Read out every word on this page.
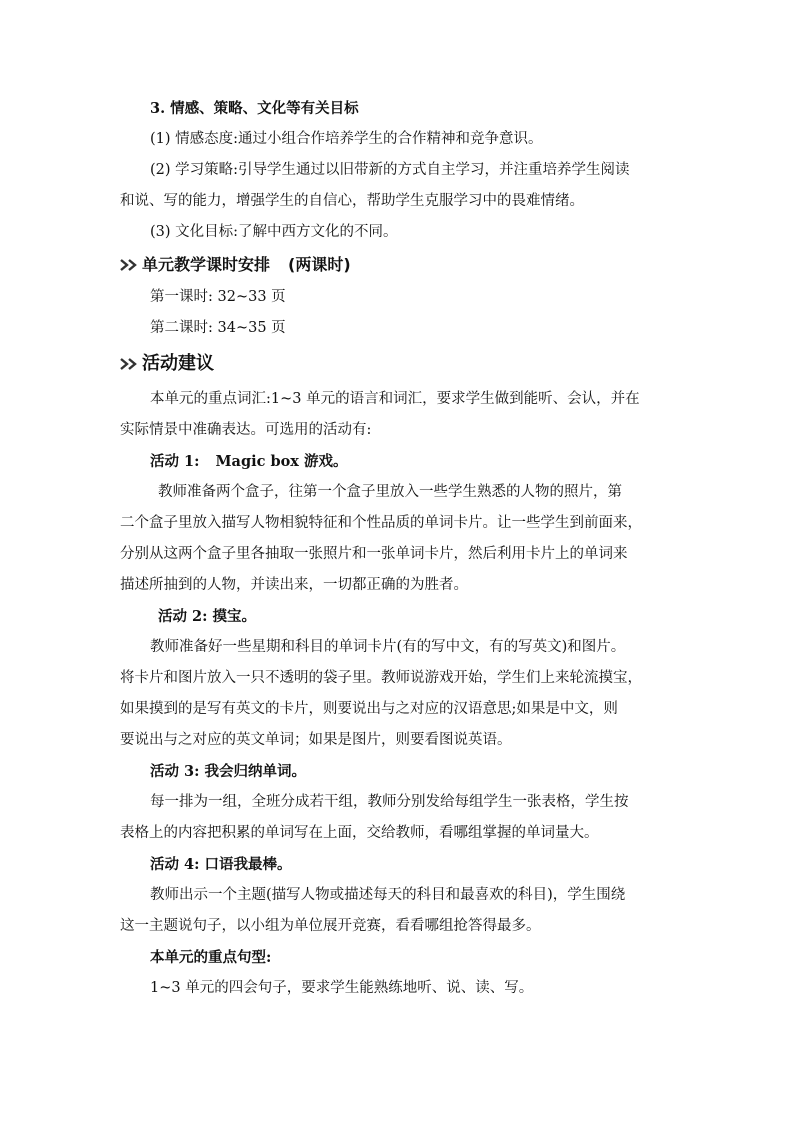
3. 情感、策略、文化等有关目标
(1) 情感态度:通过小组合作培养学生的合作精神和竞争意识。
(2) 学习策略:引导学生通过以旧带新的方式自主学习，并注重培养学生阅读
和说、写的能力，增强学生的自信心，帮助学生克服学习中的畏难情绪。
(3) 文化目标:了解中西方文化的不同。
单元教学课时安排 (两课时)
第一课时: 32~33 页
第二课时: 34~35 页
活动建议
本单元的重点词汇:1~3 单元的语言和词汇，要求学生做到能听、会认，并在
实际情景中准确表达。可选用的活动有:
活动 1: Magic box 游戏。
教师准备两个盒子，往第一个盒子里放入一些学生熟悉的人物的照片，第
二个盒子里放入描写人物相貌特征和个性品质的单词卡片。让一些学生到前面来，
分别从这两个盒子里各抽取一张照片和一张单词卡片，然后利用卡片上的单词来
描述所抽到的人物，并读出来，一切都正确的为胜者。
活动 2: 摸宝。
教师准备好一些星期和科目的单词卡片(有的写中文，有的写英文)和图片。
将卡片和图片放入一只不透明的袋子里。教师说游戏开始，学生们上来轮流摸宝，
如果摸到的是写有英文的卡片，则要说出与之对应的汉语意思;如果是中文，则
要说出与之对应的英文单词；如果是图片，则要看图说英语。
活动 3: 我会归纳单词。
每一排为一组，全班分成若干组，教师分别发给每组学生一张表格，学生按
表格上的内容把积累的单词写在上面，交给教师，看哪组掌握的单词量大。
活动 4: 口语我最棒。
教师出示一个主题(描写人物或描述每天的科目和最喜欢的科目)，学生围绕
这一主题说句子，以小组为单位展开竞赛，看看哪组抢答得最多。
本单元的重点句型:
1~3 单元的四会句子，要求学生能熟练地听、说、读、写。
